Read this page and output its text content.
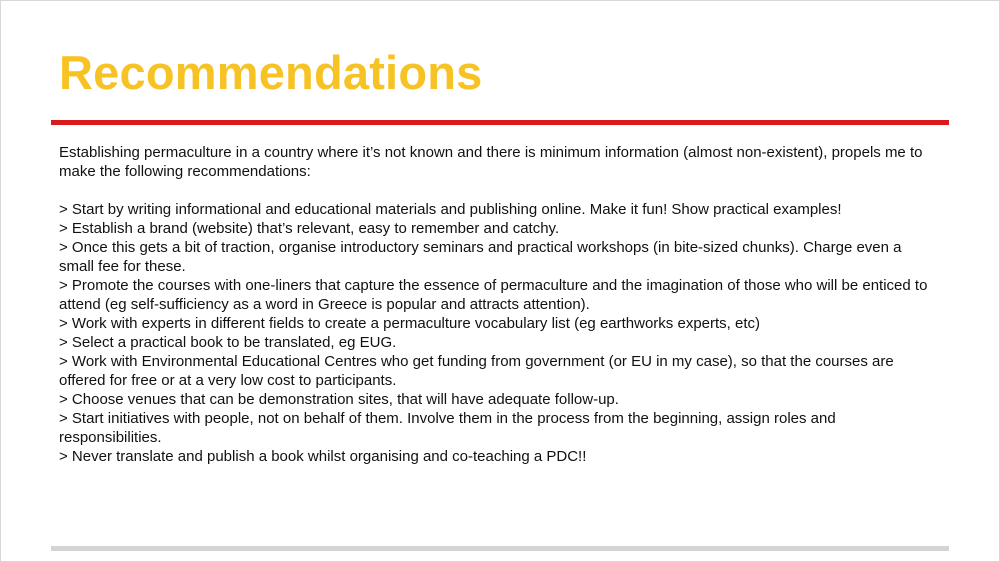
Recommendations

Establishing permaculture in a country where it’s not known and there is minimum information (almost non-existent), propels me to make the following recommendations:

> Start by writing informational and educational materials and publishing online. Make it fun! Show practical examples!
> Establish a brand (website) that’s relevant, easy to remember and catchy.
> Once this gets a bit of traction, organise introductory seminars and practical workshops (in bite-sized chunks). Charge even a small fee for these.
> Promote the courses with one-liners that capture the essence of permaculture and the imagination of those who will be enticed to attend (eg self-sufficiency as a word in Greece is popular and attracts attention).
> Work with experts in different fields to create a permaculture vocabulary list (eg earthworks experts, etc)
> Select a practical book to be translated, eg EUG.
> Work with Environmental Educational Centres who get funding from government (or EU in my case), so that the courses are offered for free or at a very low cost to participants.
> Choose venues that can be demonstration sites, that will have adequate follow-up.
> Start initiatives with people, not on behalf of them. Involve them in the process from the beginning, assign roles and responsibilities.
> Never translate and publish a book whilst organising and co-teaching a PDC!!
